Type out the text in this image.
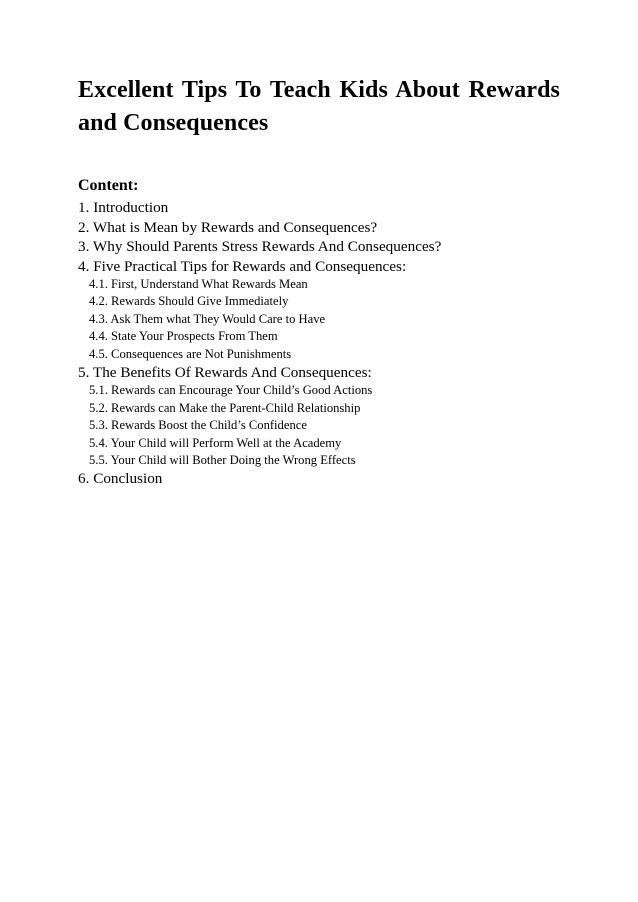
Excellent Tips To Teach Kids About Rewards and Consequences
Content:
1. Introduction
2. What is Mean by Rewards and Consequences?
3. Why Should Parents Stress Rewards And Consequences?
4. Five Practical Tips for Rewards and Consequences:
4.1. First, Understand What Rewards Mean
4.2. Rewards Should Give Immediately
4.3. Ask Them what They Would Care to Have
4.4. State Your Prospects From Them
4.5. Consequences are Not Punishments
5. The Benefits Of Rewards And Consequences:
5.1. Rewards can Encourage Your Child’s Good Actions
5.2. Rewards can Make the Parent-Child Relationship
5.3. Rewards Boost the Child’s Confidence
5.4. Your Child will Perform Well at the Academy
5.5. Your Child will Bother Doing the Wrong Effects
6. Conclusion
